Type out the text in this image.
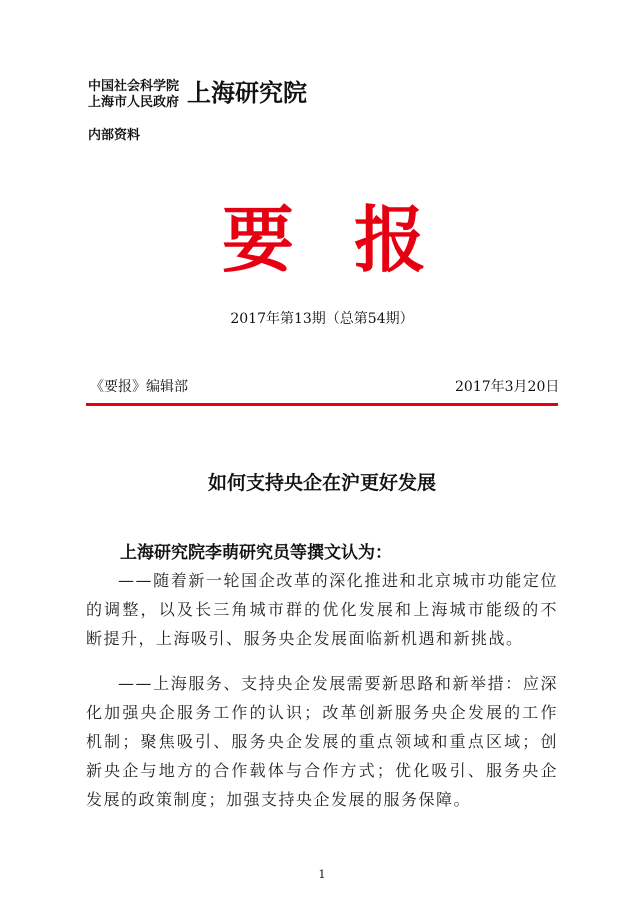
中国社会科学院
上海市人民政府 上海研究院
内部资料
要报
2017年第13期（总第54期）
《要报》编辑部	2017年3月20日
如何支持央企在沪更好发展
上海研究院李萌研究员等撰文认为：
——随着新一轮国企改革的深化推进和北京城市功能定位的调整，以及长三角城市群的优化发展和上海城市能级的不断提升，上海吸引、服务央企发展面临新机遇和新挑战。
——上海服务、支持央企发展需要新思路和新举措：应深化加强央企服务工作的认识；改革创新服务央企发展的工作机制；聚焦吸引、服务央企发展的重点领域和重点区域；创新央企与地方的合作载体与合作方式；优化吸引、服务央企发展的政策制度；加强支持央企发展的服务保障。
1
